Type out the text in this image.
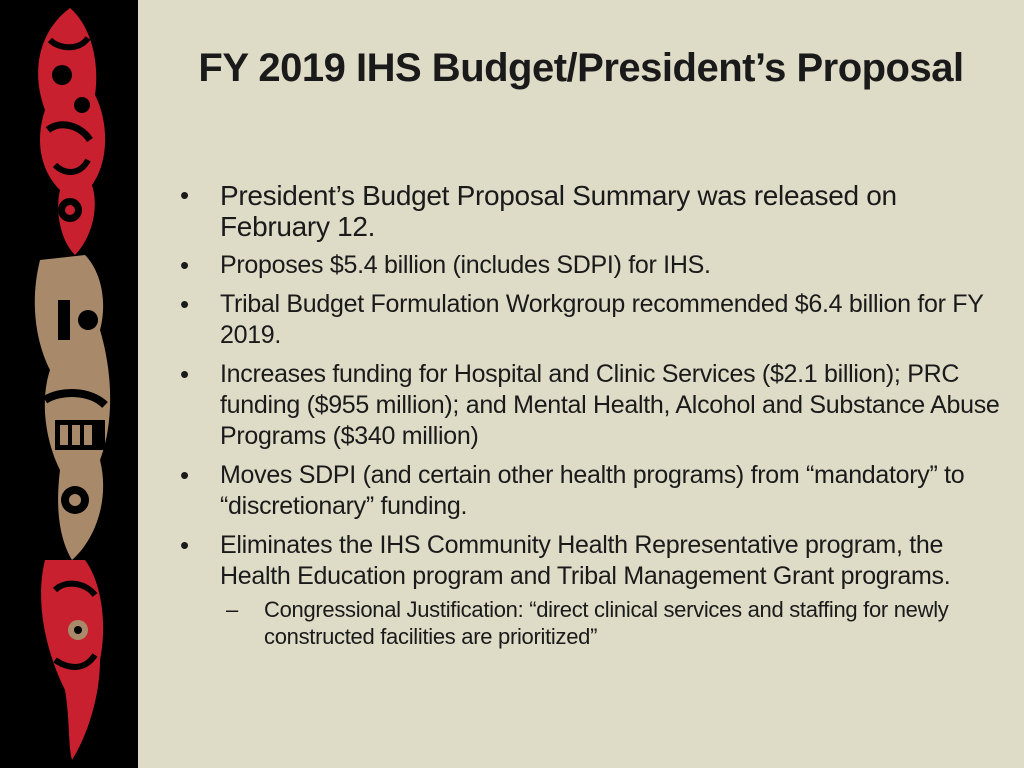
FY 2019 IHS Budget/President’s Proposal
• President’s Budget Proposal Summary was released on February 12.
• Proposes $5.4 billion (includes SDPI) for IHS.
• Tribal Budget Formulation Workgroup recommended $6.4 billion for FY 2019.
• Increases funding for Hospital and Clinic Services ($2.1 billion); PRC funding ($955 million); and Mental Health, Alcohol and Substance Abuse Programs ($340 million)
• Moves SDPI (and certain other health programs) from “mandatory” to “discretionary” funding.
• Eliminates the IHS Community Health Representative program, the Health Education program and Tribal Management Grant programs.
– Congressional Justification: “direct clinical services and staffing for newly constructed facilities are prioritized”
